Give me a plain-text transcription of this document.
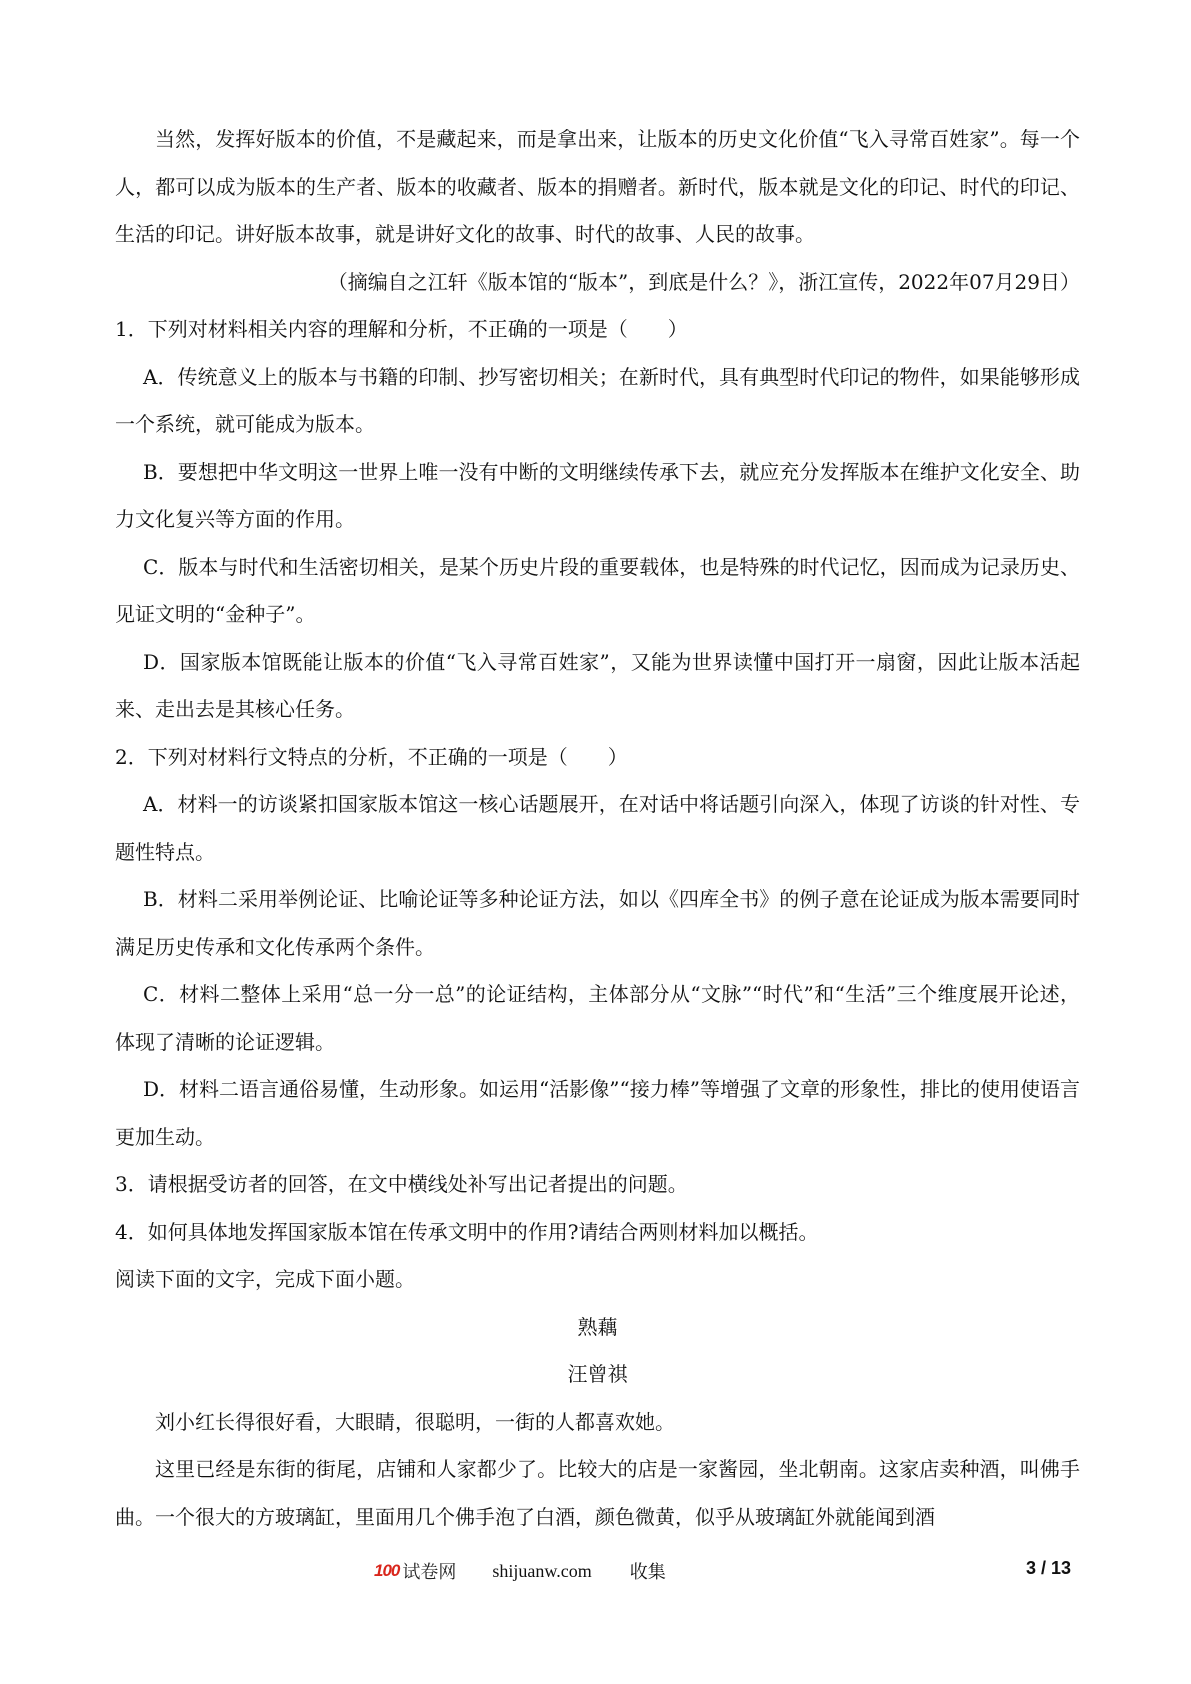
当然，发挥好版本的价值，不是藏起来，而是拿出来，让版本的历史文化价值“飞入寻常百姓家”。每一个人，都可以成为版本的生产者、版本的收藏者、版本的捐赠者。新时代，版本就是文化的印记、时代的印记、生活的印记。讲好版本故事，就是讲好文化的故事、时代的故事、人民的故事。

（摘编自之江轩《版本馆的“版本”，到底是什么？》，浙江宣传，2022年07月29日）

1．下列对材料相关内容的理解和分析，不正确的一项是（　　）

A．传统意义上的版本与书籍的印制、抄写密切相关；在新时代，具有典型时代印记的物件，如果能够形成一个系统，就可能成为版本。

B．要想把中华文明这一世界上唯一没有中断的文明继续传承下去，就应充分发挥版本在维护文化安全、助力文化复兴等方面的作用。

C．版本与时代和生活密切相关，是某个历史片段的重要载体，也是特殊的时代记忆，因而成为记录历史、见证文明的“金种子”。

D．国家版本馆既能让版本的价值“飞入寻常百姓家”，又能为世界读懂中国打开一扇窗，因此让版本活起来、走出去是其核心任务。

2．下列对材料行文特点的分析，不正确的一项是（　　）

A．材料一的访谈紧扣国家版本馆这一核心话题展开，在对话中将话题引向深入，体现了访谈的针对性、专题性特点。

B．材料二采用举例论证、比喻论证等多种论证方法，如以《四库全书》的例子意在论证成为版本需要同时满足历史传承和文化传承两个条件。

C．材料二整体上采用“总一分一总”的论证结构，主体部分从“文脉”“时代”和“生活”三个维度展开论述，体现了清晰的论证逻辑。

D．材料二语言通俗易懂，生动形象。如运用“活影像”“接力棒”等增强了文章的形象性，排比的使用使语言更加生动。

3．请根据受访者的回答，在文中横线处补写出记者提出的问题。

4．如何具体地发挥国家版本馆在传承文明中的作用?请结合两则材料加以概括。

阅读下面的文字，完成下面小题。

熟藕

汪曾祺

刘小红长得很好看，大眼睛，很聪明，一街的人都喜欢她。

这里已经是东街的街尾，店铺和人家都少了。比较大的店是一家酱园，坐北朝南。这家店卖种酒，叫佛手曲。一个很大的方玻璃缸，里面用几个佛手泡了白酒，颜色微黄，似乎从玻璃缸外就能闻到酒

100 试卷网 shijuanw.com 收集	3 / 13
